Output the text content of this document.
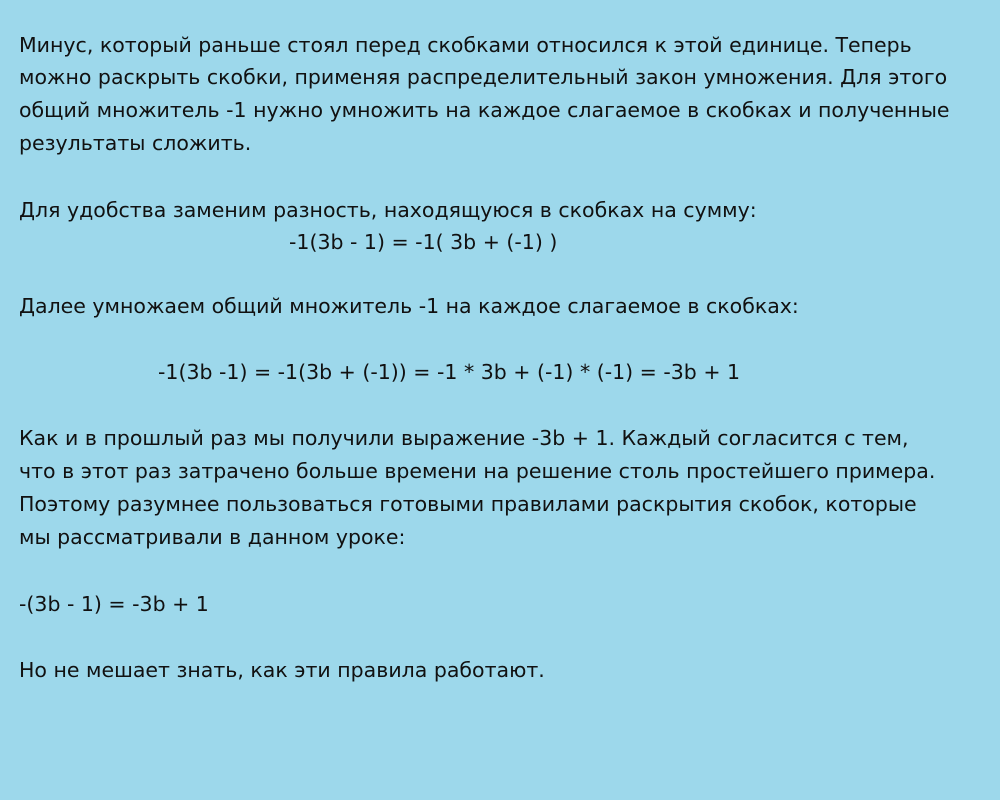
Минус, который раньше стоял перед скобками относился к этой единице. Теперь

можно раскрыть скобки, применяя распределительный закон умножения. Для этого

общий множитель -1 нужно умножить на каждое слагаемое в скобках и полученные

результаты сложить.

Для удобства заменим разность, находящуюся в скобках на сумму:

-1(3b - 1) = -1( 3b + (-1) )

Далее умножаем общий множитель -1 на каждое слагаемое в скобках:

-1(3b -1) = -1(3b + (-1)) = -1 * 3b + (-1) * (-1) = -3b + 1

Как и в прошлый раз мы получили выражение -3b + 1. Каждый согласится с тем,

что в этот раз затрачено больше времени на решение столь простейшего примера.

Поэтому разумнее пользоваться готовыми правилами раскрытия скобок, которые

мы рассматривали в данном уроке:

-(3b - 1) = -3b + 1

Но не мешает знать, как эти правила работают.
